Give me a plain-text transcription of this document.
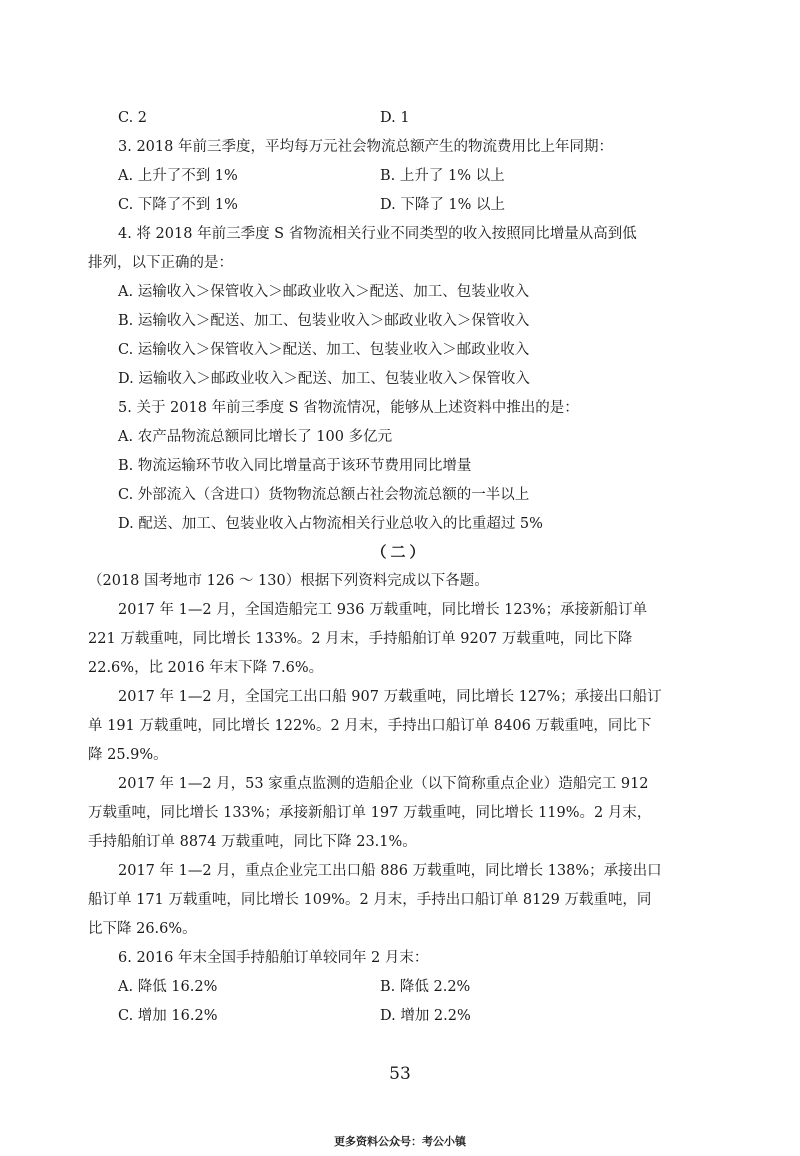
C. 2	D. 1
3. 2018 年前三季度，平均每万元社会物流总额产生的物流费用比上年同期：
A. 上升了不到 1%	B. 上升了 1% 以上
C. 下降了不到 1%	D. 下降了 1% 以上
4. 将 2018 年前三季度 S 省物流相关行业不同类型的收入按照同比增量从高到低
排列，以下正确的是：
A. 运输收入＞保管收入＞邮政业收入＞配送、加工、包装业收入
B. 运输收入＞配送、加工、包装业收入＞邮政业收入＞保管收入
C. 运输收入＞保管收入＞配送、加工、包装业收入＞邮政业收入
D. 运输收入＞邮政业收入＞配送、加工、包装业收入＞保管收入
5. 关于 2018 年前三季度 S 省物流情况，能够从上述资料中推出的是：
A. 农产品物流总额同比增长了 100 多亿元
B. 物流运输环节收入同比增量高于该环节费用同比增量
C. 外部流入（含进口）货物物流总额占社会物流总额的一半以上
D. 配送、加工、包装业收入占物流相关行业总收入的比重超过 5%
（二）
（2018 国考地市 126 ～ 130）根据下列资料完成以下各题。
2017 年 1—2 月，全国造船完工 936 万载重吨，同比增长 123%；承接新船订单
221 万载重吨，同比增长 133%。2 月末，手持船舶订单 9207 万载重吨，同比下降
22.6%，比 2016 年末下降 7.6%。
2017 年 1—2 月，全国完工出口船 907 万载重吨，同比增长 127%；承接出口船订
单 191 万载重吨，同比增长 122%。2 月末，手持出口船订单 8406 万载重吨，同比下
降 25.9%。
2017 年 1—2 月，53 家重点监测的造船企业（以下简称重点企业）造船完工 912
万载重吨，同比增长 133%；承接新船订单 197 万载重吨，同比增长 119%。2 月末，
手持船舶订单 8874 万载重吨，同比下降 23.1%。
2017 年 1—2 月，重点企业完工出口船 886 万载重吨，同比增长 138%；承接出口
船订单 171 万载重吨，同比增长 109%。2 月末，手持出口船订单 8129 万载重吨，同
比下降 26.6%。
6. 2016 年末全国手持船舶订单较同年 2 月末：
A. 降低 16.2%	B. 降低 2.2%
C. 增加 16.2%	D. 增加 2.2%
53
更多资料公众号：考公小镇
